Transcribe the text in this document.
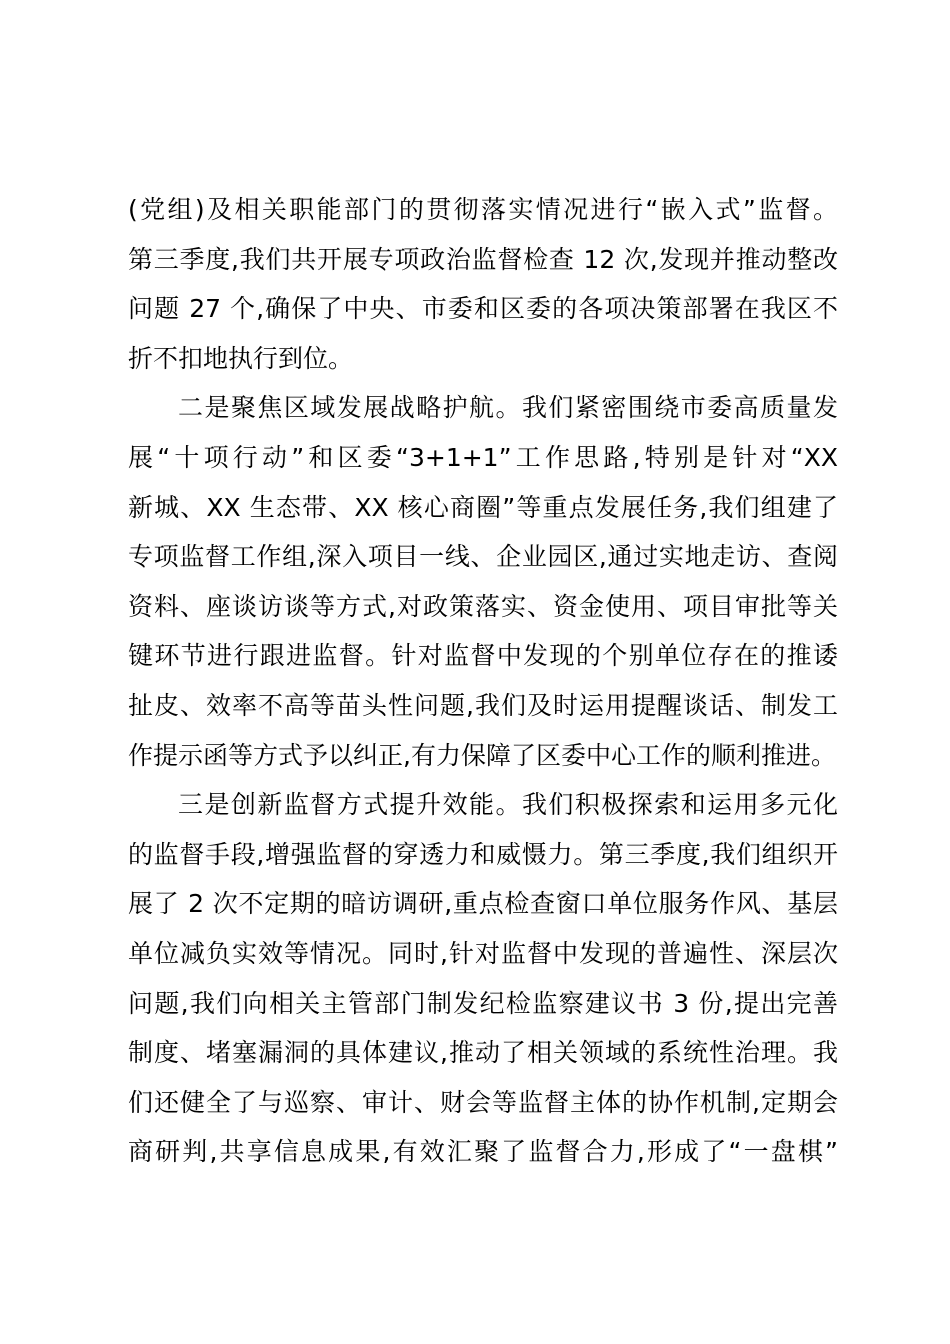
(党组)及相关职能部门的贯彻落实情况进行“嵌入式”监督。
第三季度,我们共开展专项政治监督检查 12 次,发现并推动整改
问题 27 个,确保了中央、市委和区委的各项决策部署在我区不
折不扣地执行到位。
二是聚焦区域发展战略护航。我们紧密围绕市委高质量发
展“十项行动”和区委“3+1+1”工作思路,特别是针对“XX
新城、XX 生态带、XX 核心商圈”等重点发展任务,我们组建了
专项监督工作组,深入项目一线、企业园区,通过实地走访、查阅
资料、座谈访谈等方式,对政策落实、资金使用、项目审批等关
键环节进行跟进监督。针对监督中发现的个别单位存在的推诿
扯皮、效率不高等苗头性问题,我们及时运用提醒谈话、制发工
作提示函等方式予以纠正,有力保障了区委中心工作的顺利推进。
三是创新监督方式提升效能。我们积极探索和运用多元化
的监督手段,增强监督的穿透力和威慑力。第三季度,我们组织开
展了 2 次不定期的暗访调研,重点检查窗口单位服务作风、基层
单位减负实效等情况。同时,针对监督中发现的普遍性、深层次
问题,我们向相关主管部门制发纪检监察建议书 3 份,提出完善
制度、堵塞漏洞的具体建议,推动了相关领域的系统性治理。我
们还健全了与巡察、审计、财会等监督主体的协作机制,定期会
商研判,共享信息成果,有效汇聚了监督合力,形成了“一盘棋”
